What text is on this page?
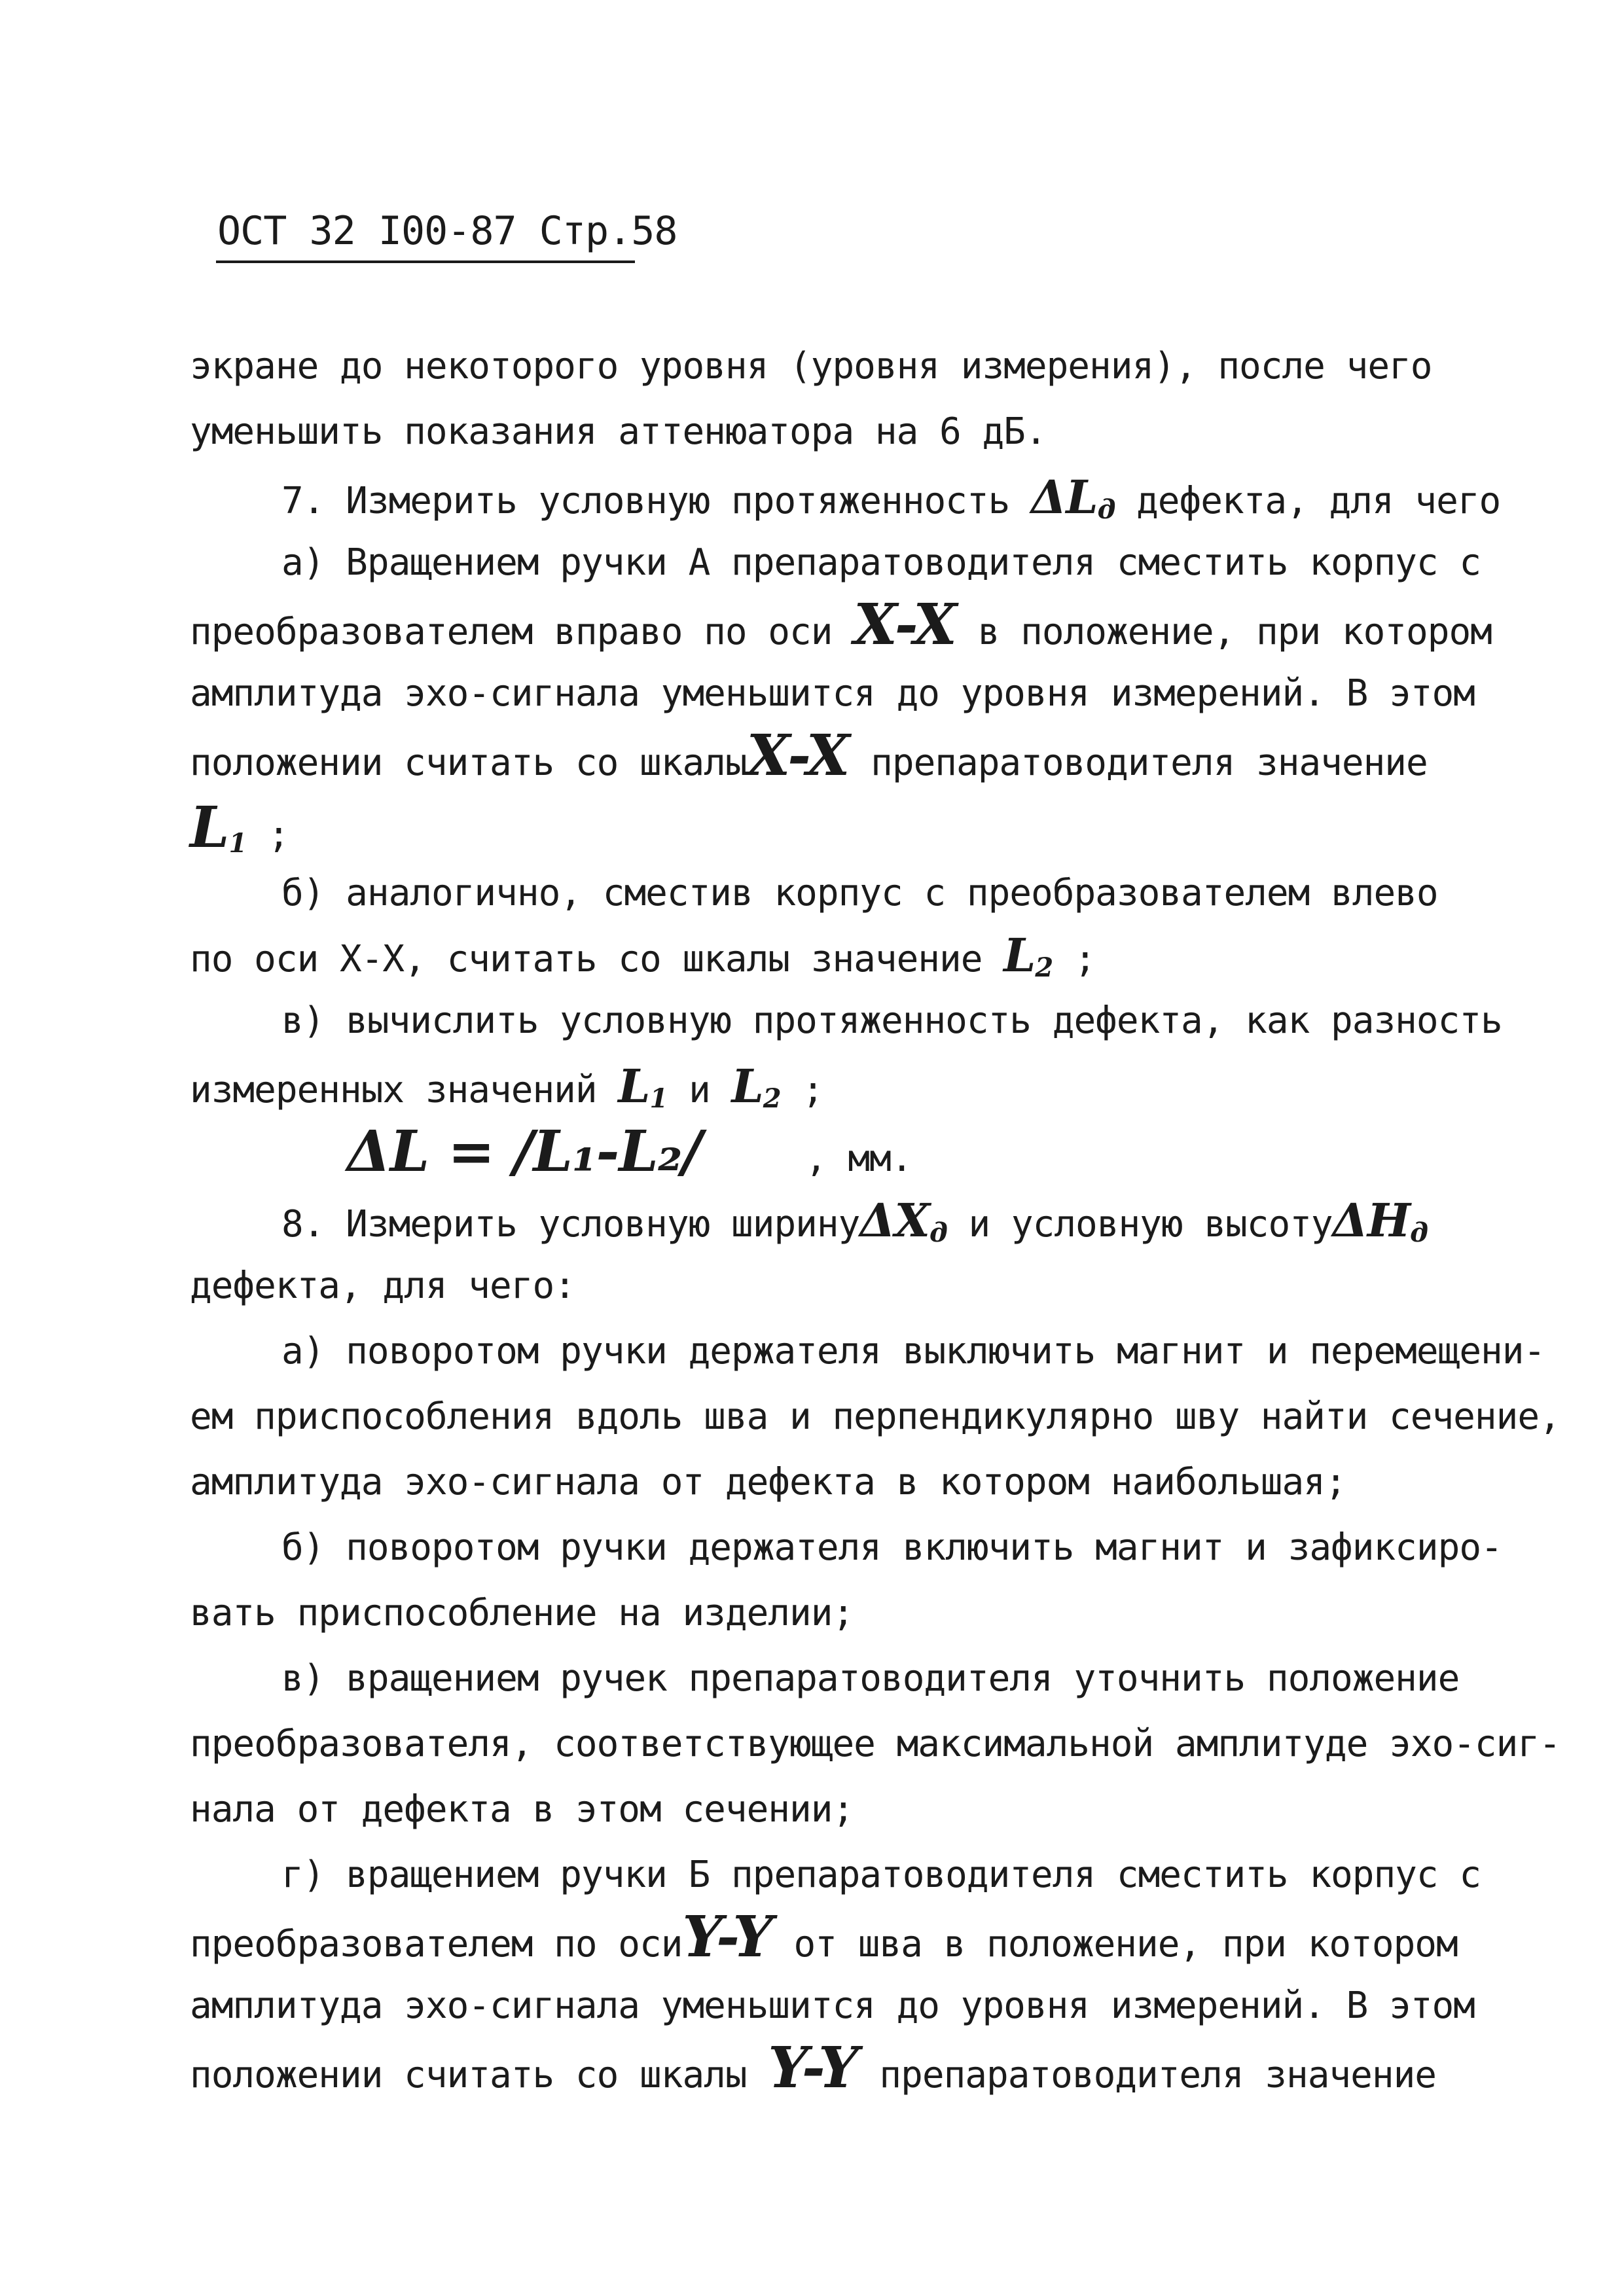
ОСТ 32 I00-87 Стр.58
экране до некоторого уровня (уровня измерения), после чего
уменьшить показания аттенюатора на 6 дБ.
7. Измерить условную протяженность $\Delta L_д$ дефекта, для чего
а) Вращением ручки А препаратоводителя сместить корпус с
преобразователем вправо по оси X-X в положение, при котором
амплитуда эхо-сигнала уменьшится до уровня измерений. В этом
положении считать со шкалыX-X препаратоводителя значение
$L_1$ ;
б) аналогично, сместив корпус с преобразователем влево
по оси Х-Х, считать со шкалы значение $L_2$ ;
в) вычислить условную протяженность дефекта, как разность
измеренных значений $L_1$ и $L_2$ ;
ΔL = /L₁-L₂/	, мм.
8. Измерить условную ширинуΔX$_д$ и условную высотуΔH$_д$
дефекта, для чего:
а) поворотом ручки держателя выключить магнит и перемещени-
ем приспособления вдоль шва и перпендикулярно шву найти сечение,
амплитуда эхо-сигнала от дефекта в котором наибольшая;
б) поворотом ручки держателя включить магнит и зафиксиро-
вать приспособление на изделии;
в) вращением ручек препаратоводителя уточнить положение
преобразователя, соответствующее максимальной амплитуде эхо-сиг-
нала от дефекта в этом сечении;
г) вращением ручки Б препаратоводителя сместить корпус с
преобразователем по осиY-Y от шва в положение, при котором
амплитуда эхо-сигнала уменьшится до уровня измерений. В этом
положении считать со шкалы Y-Y препаратоводителя значение
